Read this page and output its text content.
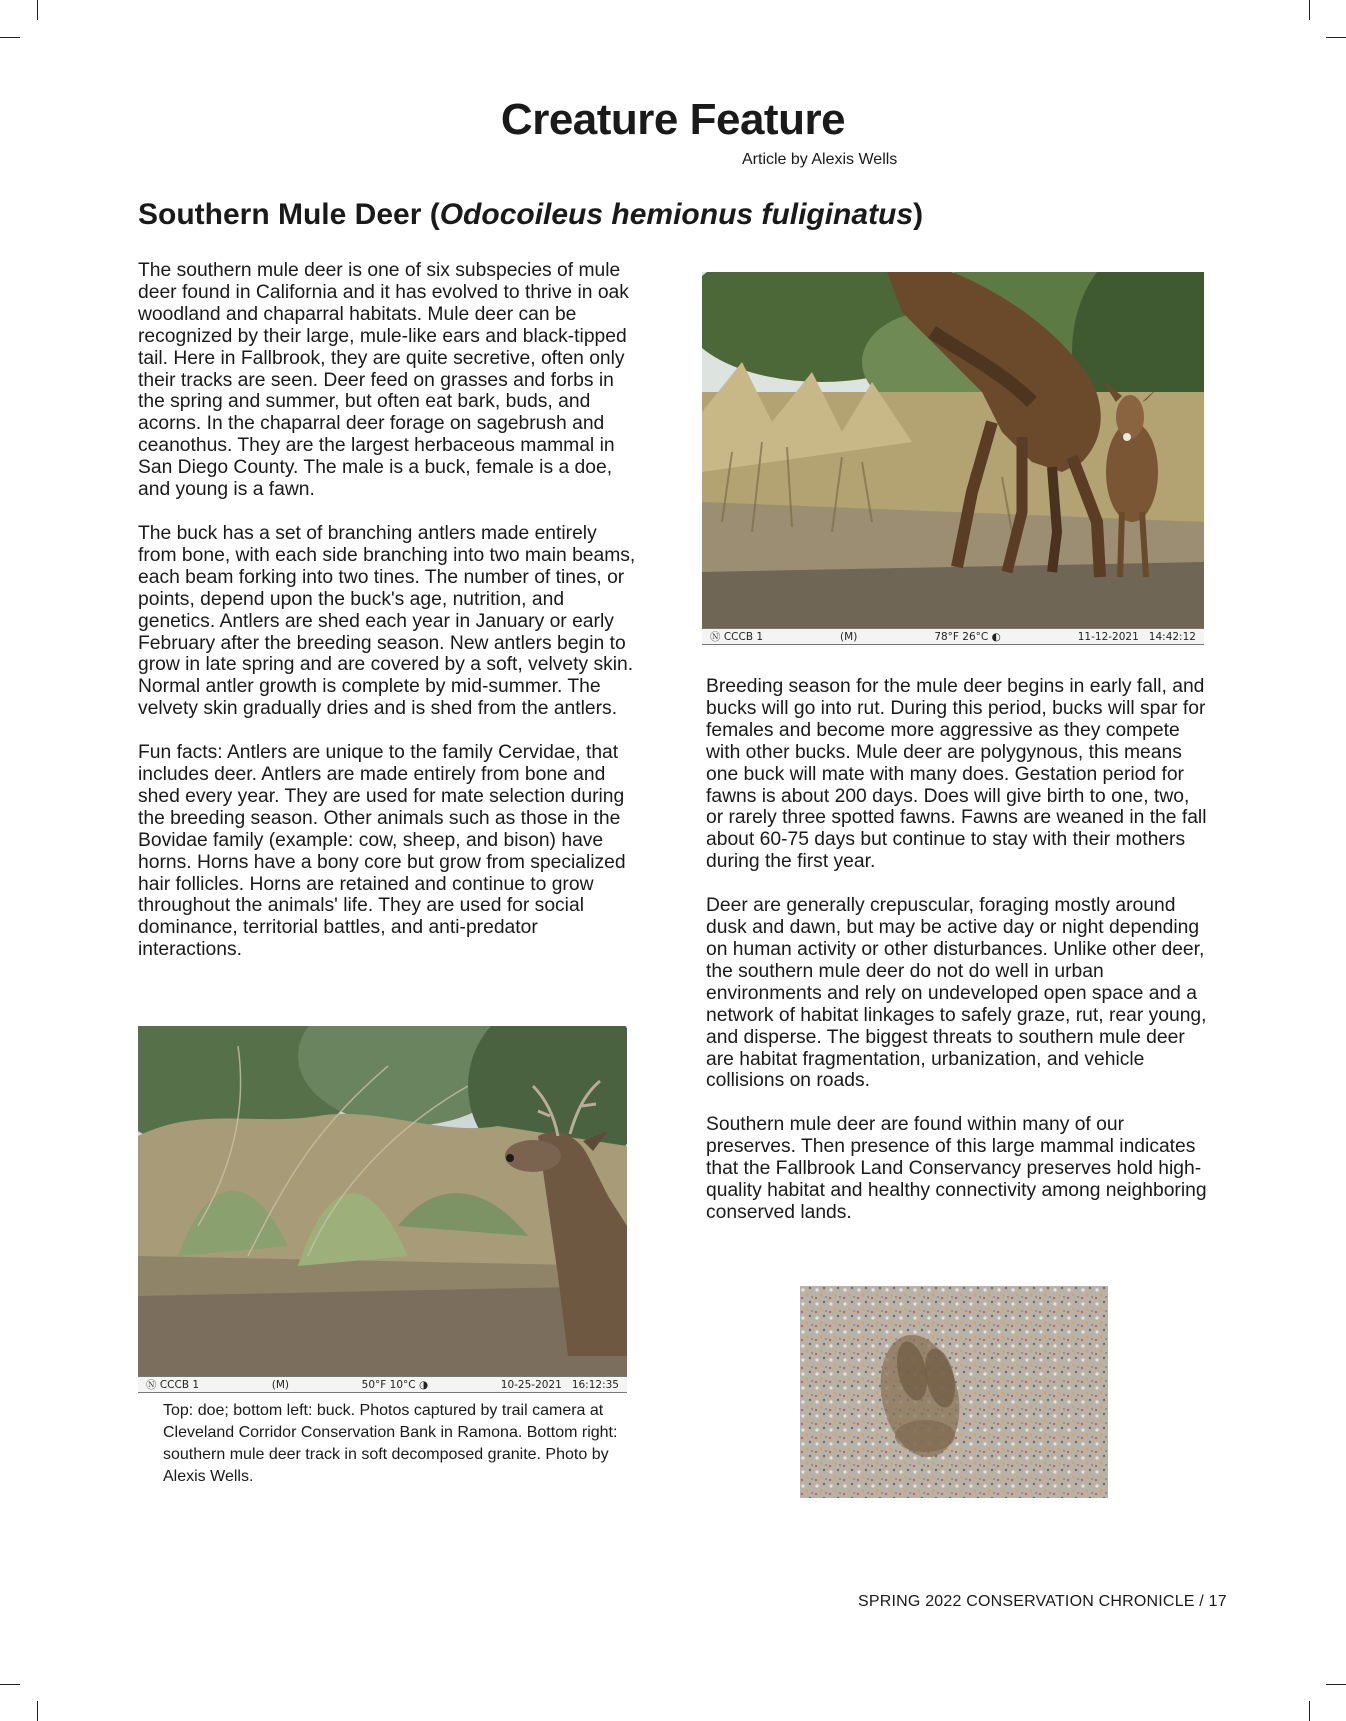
Creature Feature
Article by Alexis Wells
Southern Mule Deer (Odocoileus hemionus fuliginatus)

The southern mule deer is one of six subspecies of mule deer found in California and it has evolved to thrive in oak woodland and chaparral habitats. Mule deer can be recognized by their large, mule-like ears and black-tipped tail. Here in Fallbrook, they are quite secretive, often only their tracks are seen. Deer feed on grasses and forbs in the spring and summer, but often eat bark, buds, and acorns. In the chaparral deer forage on sagebrush and ceanothus. They are the largest herbaceous mammal in San Diego County. The male is a buck, female is a doe, and young is a fawn.

The buck has a set of branching antlers made entirely from bone, with each side branching into two main beams, each beam forking into two tines. The number of tines, or points, depend upon the buck's age, nutrition, and genetics. Antlers are shed each year in January or early February after the breeding season. New antlers begin to grow in late spring and are covered by a soft, velvety skin. Normal antler growth is complete by mid-summer. The velvety skin gradually dries and is shed from the antlers.

Fun facts: Antlers are unique to the family Cervidae, that includes deer. Antlers are made entirely from bone and shed every year. They are used for mate selection during the breeding season. Other animals such as those in the Bovidae family (example: cow, sheep, and bison) have horns. Horns have a bony core but grow from specialized hair follicles. Horns are retained and continue to grow throughout the animals' life. They are used for social dominance, territorial battles, and anti-predator interactions.

Ⓝ CCCB 1	(M)	78°F 26°C ◐	11-12-2021 14:42:12

Breeding season for the mule deer begins in early fall, and bucks will go into rut. During this period, bucks will spar for females and become more aggressive as they compete with other bucks. Mule deer are polygynous, this means one buck will mate with many does. Gestation period for fawns is about 200 days. Does will give birth to one, two, or rarely three spotted fawns. Fawns are weaned in the fall about 60-75 days but continue to stay with their mothers during the first year.

Deer are generally crepuscular, foraging mostly around dusk and dawn, but may be active day or night depending on human activity or other disturbances. Unlike other deer, the southern mule deer do not do well in urban environments and rely on undeveloped open space and a network of habitat linkages to safely graze, rut, rear young, and disperse. The biggest threats to southern mule deer are habitat fragmentation, urbanization, and vehicle collisions on roads.

Southern mule deer are found within many of our preserves. Then presence of this large mammal indicates that the Fallbrook Land Conservancy preserves hold high-quality habitat and healthy connectivity among neighboring conserved lands.

Ⓝ CCCB 1	(M)	50°F 10°C ◑	10-25-2021 16:12:35

Top: doe; bottom left: buck. Photos captured by trail camera at Cleveland Corridor Conservation Bank in Ramona. Bottom right: southern mule deer track in soft decomposed granite. Photo by Alexis Wells.

SPRING 2022 CONSERVATION CHRONICLE / 17
